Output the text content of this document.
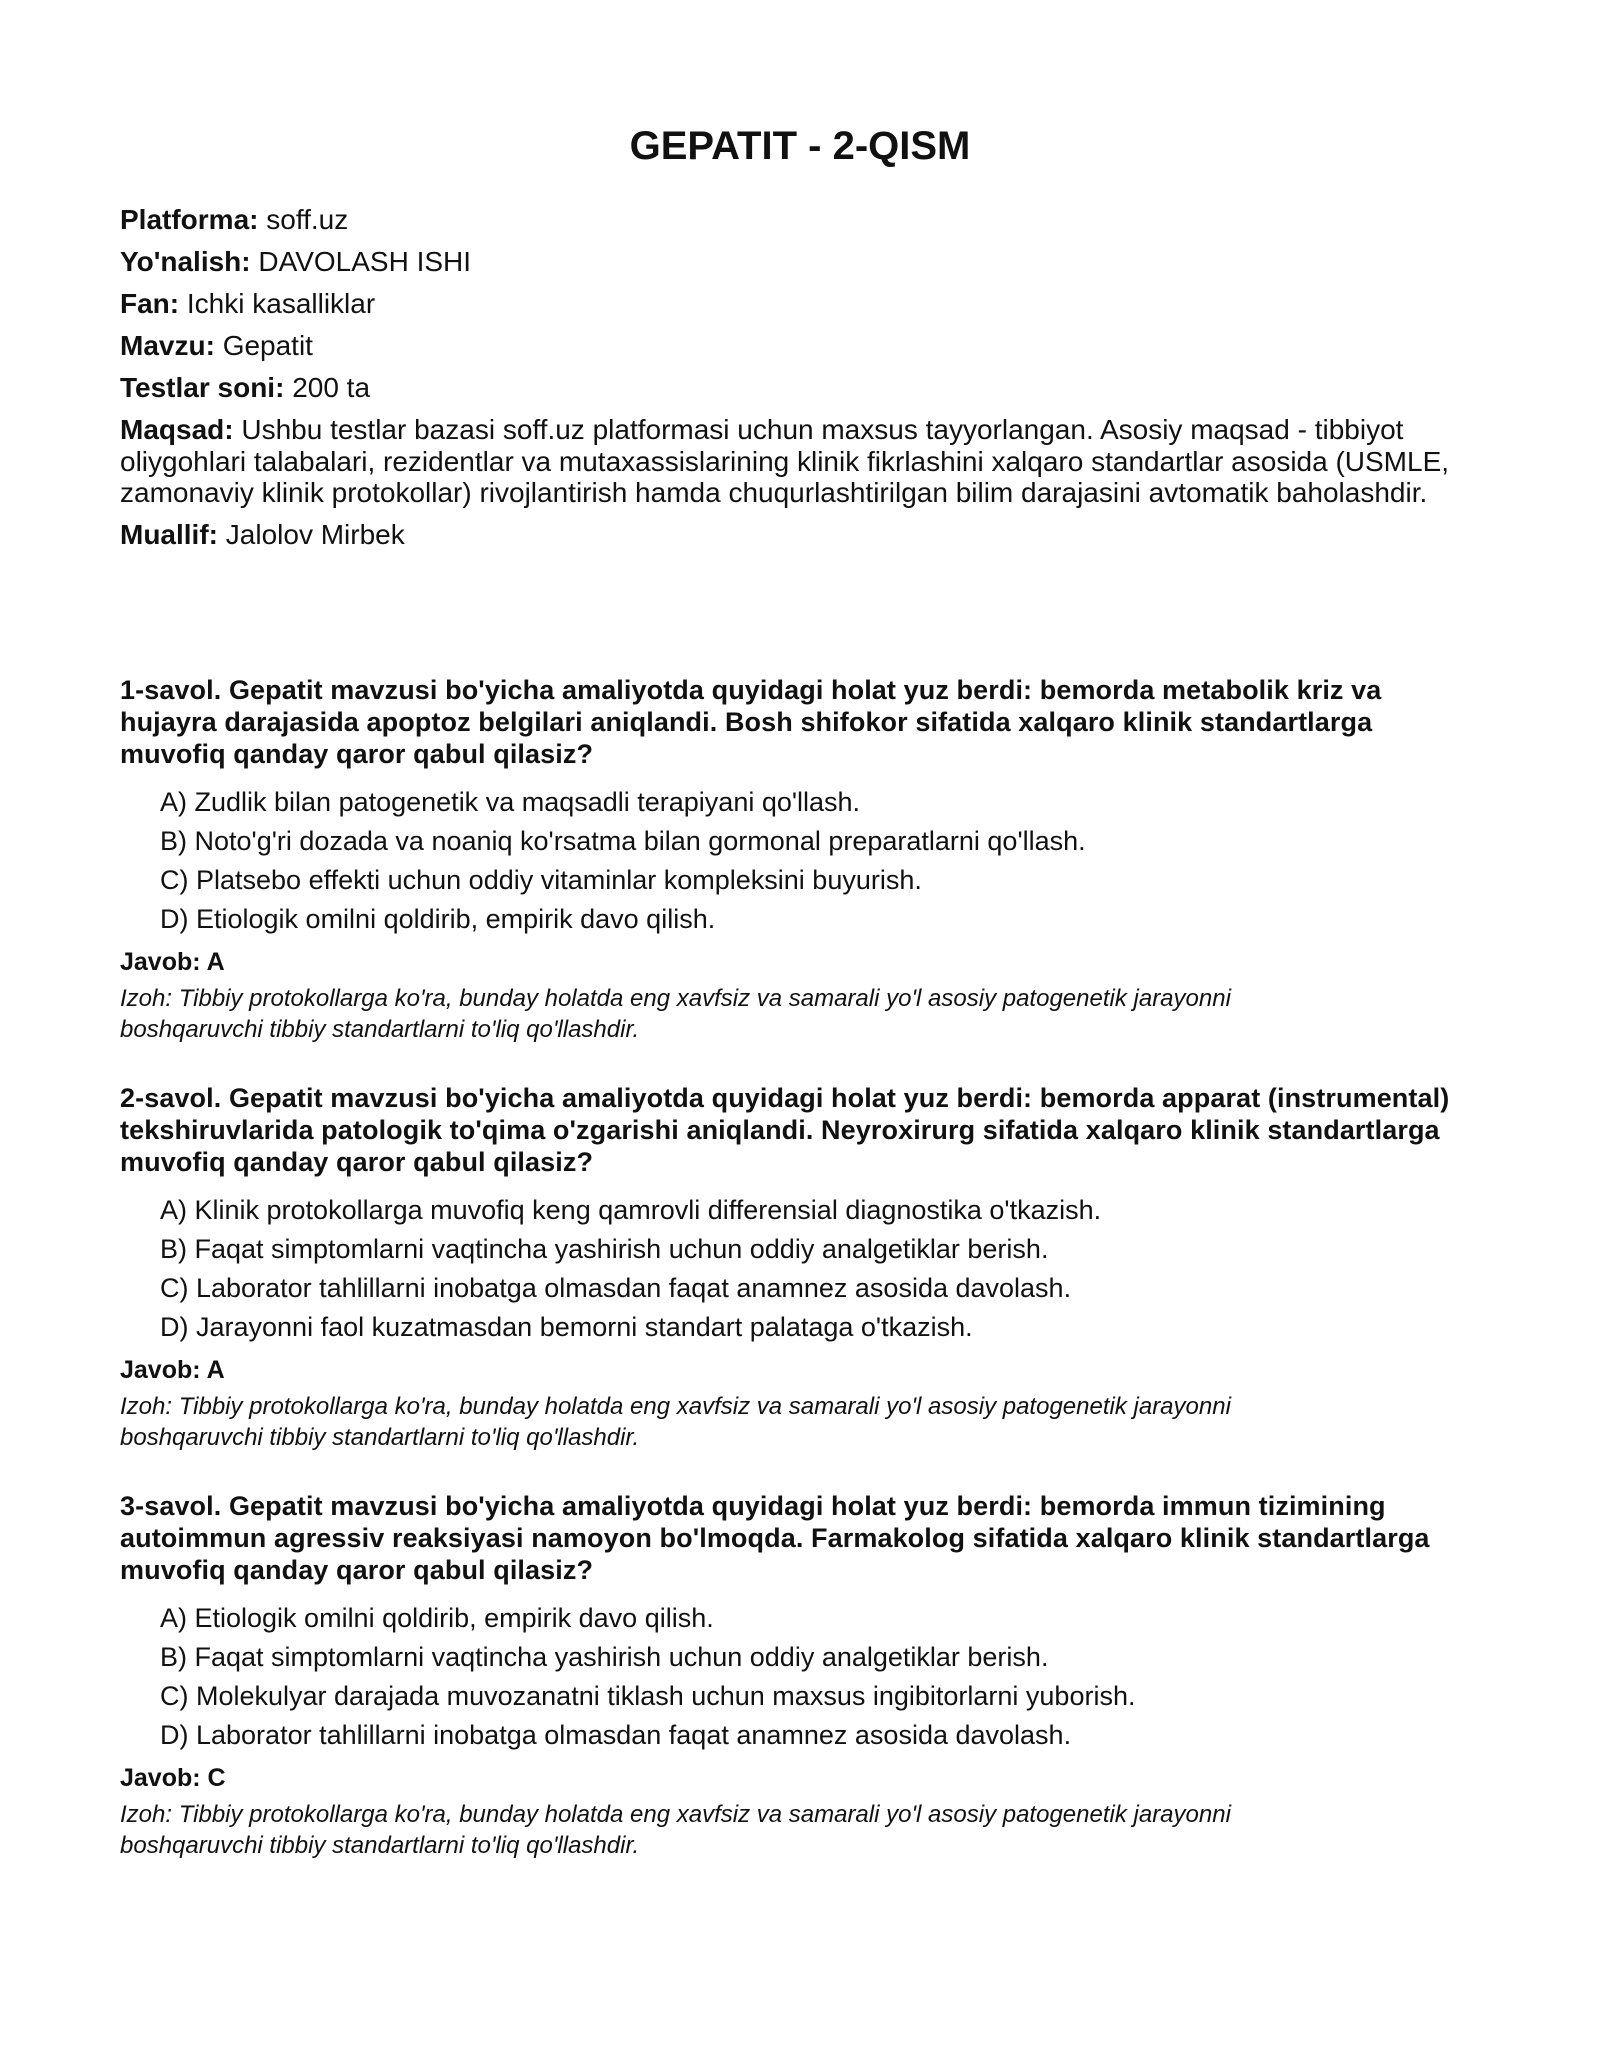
GEPATIT - 2-QISM

Platforma: soff.uz

Yo'nalish: DAVOLASH ISHI

Fan: Ichki kasalliklar

Mavzu: Gepatit

Testlar soni: 200 ta

Maqsad: Ushbu testlar bazasi soff.uz platformasi uchun maxsus tayyorlangan. Asosiy maqsad - tibbiyot oliygohlari talabalari, rezidentlar va mutaxassislarining klinik fikrlashini xalqaro standartlar asosida (USMLE, zamonaviy klinik protokollar) rivojlantirish hamda chuqurlashtirilgan bilim darajasini avtomatik baholashdir.

Muallif: Jalolov Mirbek

1-savol. Gepatit mavzusi bo'yicha amaliyotda quyidagi holat yuz berdi: bemorda metabolik kriz va hujayra darajasida apoptoz belgilari aniqlandi. Bosh shifokor sifatida xalqaro klinik standartlarga muvofiq qanday qaror qabul qilasiz?

A) Zudlik bilan patogenetik va maqsadli terapiyani qo'llash.
B) Noto'g'ri dozada va noaniq ko'rsatma bilan gormonal preparatlarni qo'llash.
C) Platsebo effekti uchun oddiy vitaminlar kompleksini buyurish.
D) Etiologik omilni qoldirib, empirik davo qilish.

Javob: A

Izoh: Tibbiy protokollarga ko'ra, bunday holatda eng xavfsiz va samarali yo'l asosiy patogenetik jarayonni boshqaruvchi tibbiy standartlarni to'liq qo'llashdir.

2-savol. Gepatit mavzusi bo'yicha amaliyotda quyidagi holat yuz berdi: bemorda apparat (instrumental) tekshiruvlarida patologik to'qima o'zgarishi aniqlandi. Neyroxirurg sifatida xalqaro klinik standartlarga muvofiq qanday qaror qabul qilasiz?

A) Klinik protokollarga muvofiq keng qamrovli differensial diagnostika o'tkazish.
B) Faqat simptomlarni vaqtincha yashirish uchun oddiy analgetiklar berish.
C) Laborator tahlillarni inobatga olmasdan faqat anamnez asosida davolash.
D) Jarayonni faol kuzatmasdan bemorni standart palataga o'tkazish.

Javob: A

Izoh: Tibbiy protokollarga ko'ra, bunday holatda eng xavfsiz va samarali yo'l asosiy patogenetik jarayonni boshqaruvchi tibbiy standartlarni to'liq qo'llashdir.

3-savol. Gepatit mavzusi bo'yicha amaliyotda quyidagi holat yuz berdi: bemorda immun tizimining autoimmun agressiv reaksiyasi namoyon bo'lmoqda. Farmakolog sifatida xalqaro klinik standartlarga muvofiq qanday qaror qabul qilasiz?

A) Etiologik omilni qoldirib, empirik davo qilish.
B) Faqat simptomlarni vaqtincha yashirish uchun oddiy analgetiklar berish.
C) Molekulyar darajada muvozanatni tiklash uchun maxsus ingibitorlarni yuborish.
D) Laborator tahlillarni inobatga olmasdan faqat anamnez asosida davolash.

Javob: C

Izoh: Tibbiy protokollarga ko'ra, bunday holatda eng xavfsiz va samarali yo'l asosiy patogenetik jarayonni boshqaruvchi tibbiy standartlarni to'liq qo'llashdir.
